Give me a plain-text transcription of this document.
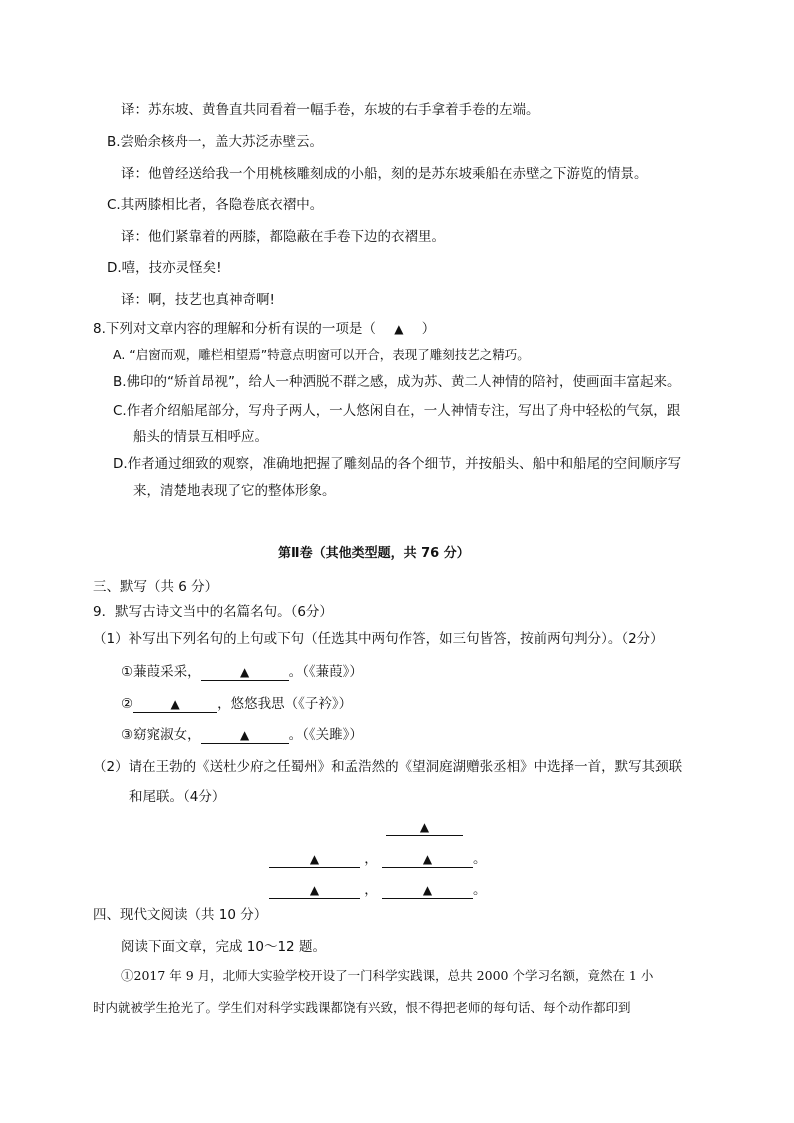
译：苏东坡、黄鲁直共同看着一幅手卷，东坡的右手拿着手卷的左端。
B.尝贻余核舟一，盖大苏泛赤壁云。
译：他曾经送给我一个用桃核雕刻成的小船，刻的是苏东坡乘船在赤壁之下游览的情景。
C.其两膝相比者，各隐卷底衣褶中。
译：他们紧靠着的两膝，都隐蔽在手卷下边的衣褶里。
D.嘻，技亦灵怪矣!
译：啊，技艺也真神奇啊!
8.下列对文章内容的理解和分析有误的一项是（ ▲ ）
A. “启窗而观，雕栏相望焉”特意点明窗可以开合，表现了雕刻技艺之精巧。
B.佛印的“矫首昂视”，给人一种洒脱不群之感，成为苏、黄二人神情的陪衬，使画面丰富起来。
C.作者介绍船尾部分，写舟子两人，一人悠闲自在，一人神情专注，写出了舟中轻松的气氛，跟
船头的情景互相呼应。
D.作者通过细致的观察，准确地把握了雕刻品的各个细节，并按船头、船中和船尾的空间顺序写
来，清楚地表现了它的整体形象。
第Ⅱ卷（其他类型题，共 76 分）
三、默写（共 6 分）
9．默写古诗文当中的名篇名句。（6分）
（1）补写出下列名句的上句或下句（任选其中两句作答，如三句皆答，按前两句判分）。（2分）
①蒹葭采采，	▲	。（《蒹葭》）
②	▲	，悠悠我思（《子衿》）
③窈窕淑女，	▲	。（《关雎》）
（2）请在王勃的《送杜少府之任蜀州》和孟浩然的《望洞庭湖赠张丞相》中选择一首，默写其颈联
和尾联。（4分）
▲
▲	，	▲	。
▲	，	▲	。
四、现代文阅读（共 10 分）
阅读下面文章，完成 10～12 题。
①2017 年 9 月，北师大实验学校开设了一门科学实践课，总共 2000 个学习名额，竟然在 1 小
时内就被学生抢光了。学生们对科学实践课都饶有兴致，恨不得把老师的每句话、每个动作都印到
